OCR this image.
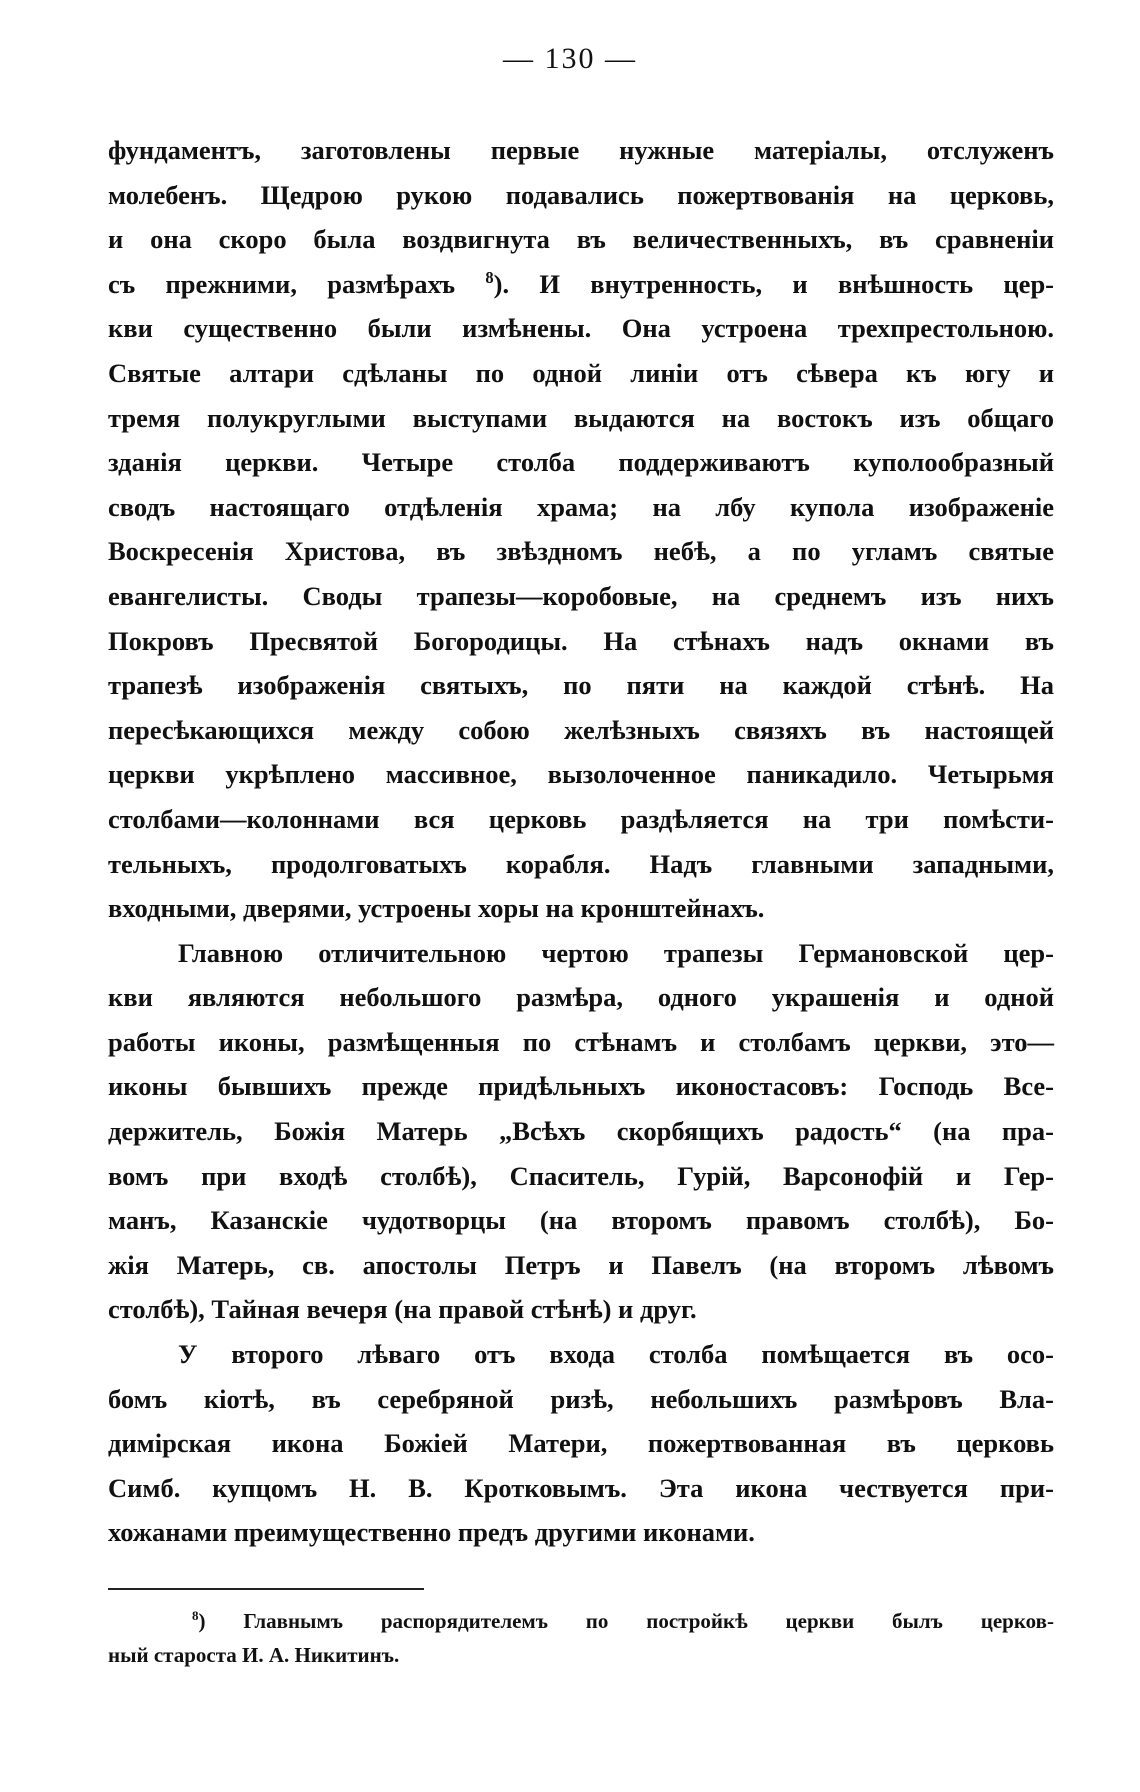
— 130 —

фундаментъ, заготовлены первые нужные матеріалы, отслуженъ

молебенъ. Щедрою рукою подавались пожертвованія на церковь,

и она скоро была воздвигнута въ величественныхъ, въ сравненіи

съ прежними, размѣрахъ $^8$). И внутренность, и внѣшность цер-

кви существенно были измѣнены. Она устроена трехпрестольною.

Святые алтари сдѣланы по одной линіи отъ сѣвера къ югу и

тремя полукруглыми выступами выдаются на востокъ изъ общаго

зданія церкви. Четыре столба поддерживаютъ куполообразный

сводъ настоящаго отдѣленія храма; на лбу купола изображеніе

Воскресенія Христова, въ звѣздномъ небѣ, а по угламъ святые

евангелисты. Своды трапезы—коробовые, на среднемъ изъ нихъ

Покровъ Пресвятой Богородицы. На стѣнахъ надъ окнами въ

трапезѣ изображенія святыхъ, по пяти на каждой стѣнѣ. На

пересѣкающихся между собою желѣзныхъ связяхъ въ настоящей

церкви укрѣплено массивное, вызолоченное паникадило. Четырьмя

столбами—колоннами вся церковь раздѣляется на три помѣсти-

тельныхъ, продолговатыхъ корабля. Надъ главными западными,

входными, дверями, устроены хоры на кронштейнахъ.

Главною отличительною чертою трапезы Германовской цер-

кви являются небольшого размѣра, одного украшенія и одной

работы иконы, размѣщенныя по стѣнамъ и столбамъ церкви, это—

иконы бывшихъ прежде придѣльныхъ иконостасовъ: Господь Все-

держитель, Божія Матерь „Всѣхъ скорбящихъ радость“ (на пра-

вомъ при входѣ столбѣ), Спаситель, Гурій, Варсонофій и Гер-

манъ, Казанскіе чудотворцы (на второмъ правомъ столбѣ), Бо-

жія Матерь, св. апостолы Петръ и Павелъ (на второмъ лѣвомъ

столбѣ), Тайная вечеря (на правой стѣнѣ) и друг.

У второго лѣваго отъ входа столба помѣщается въ осо-

бомъ кіотѣ, въ серебряной ризѣ, небольшихъ размѣровъ Вла-

димірская икона Божіей Матери, пожертвованная въ церковь

Симб. купцомъ Н. В. Кротковымъ. Эта икона чествуется при-

хожанами преимущественно предъ другими иконами.

$^8$) Главнымъ распорядителемъ по постройкѣ церкви былъ церков-

ный староста И. А. Никитинъ.
